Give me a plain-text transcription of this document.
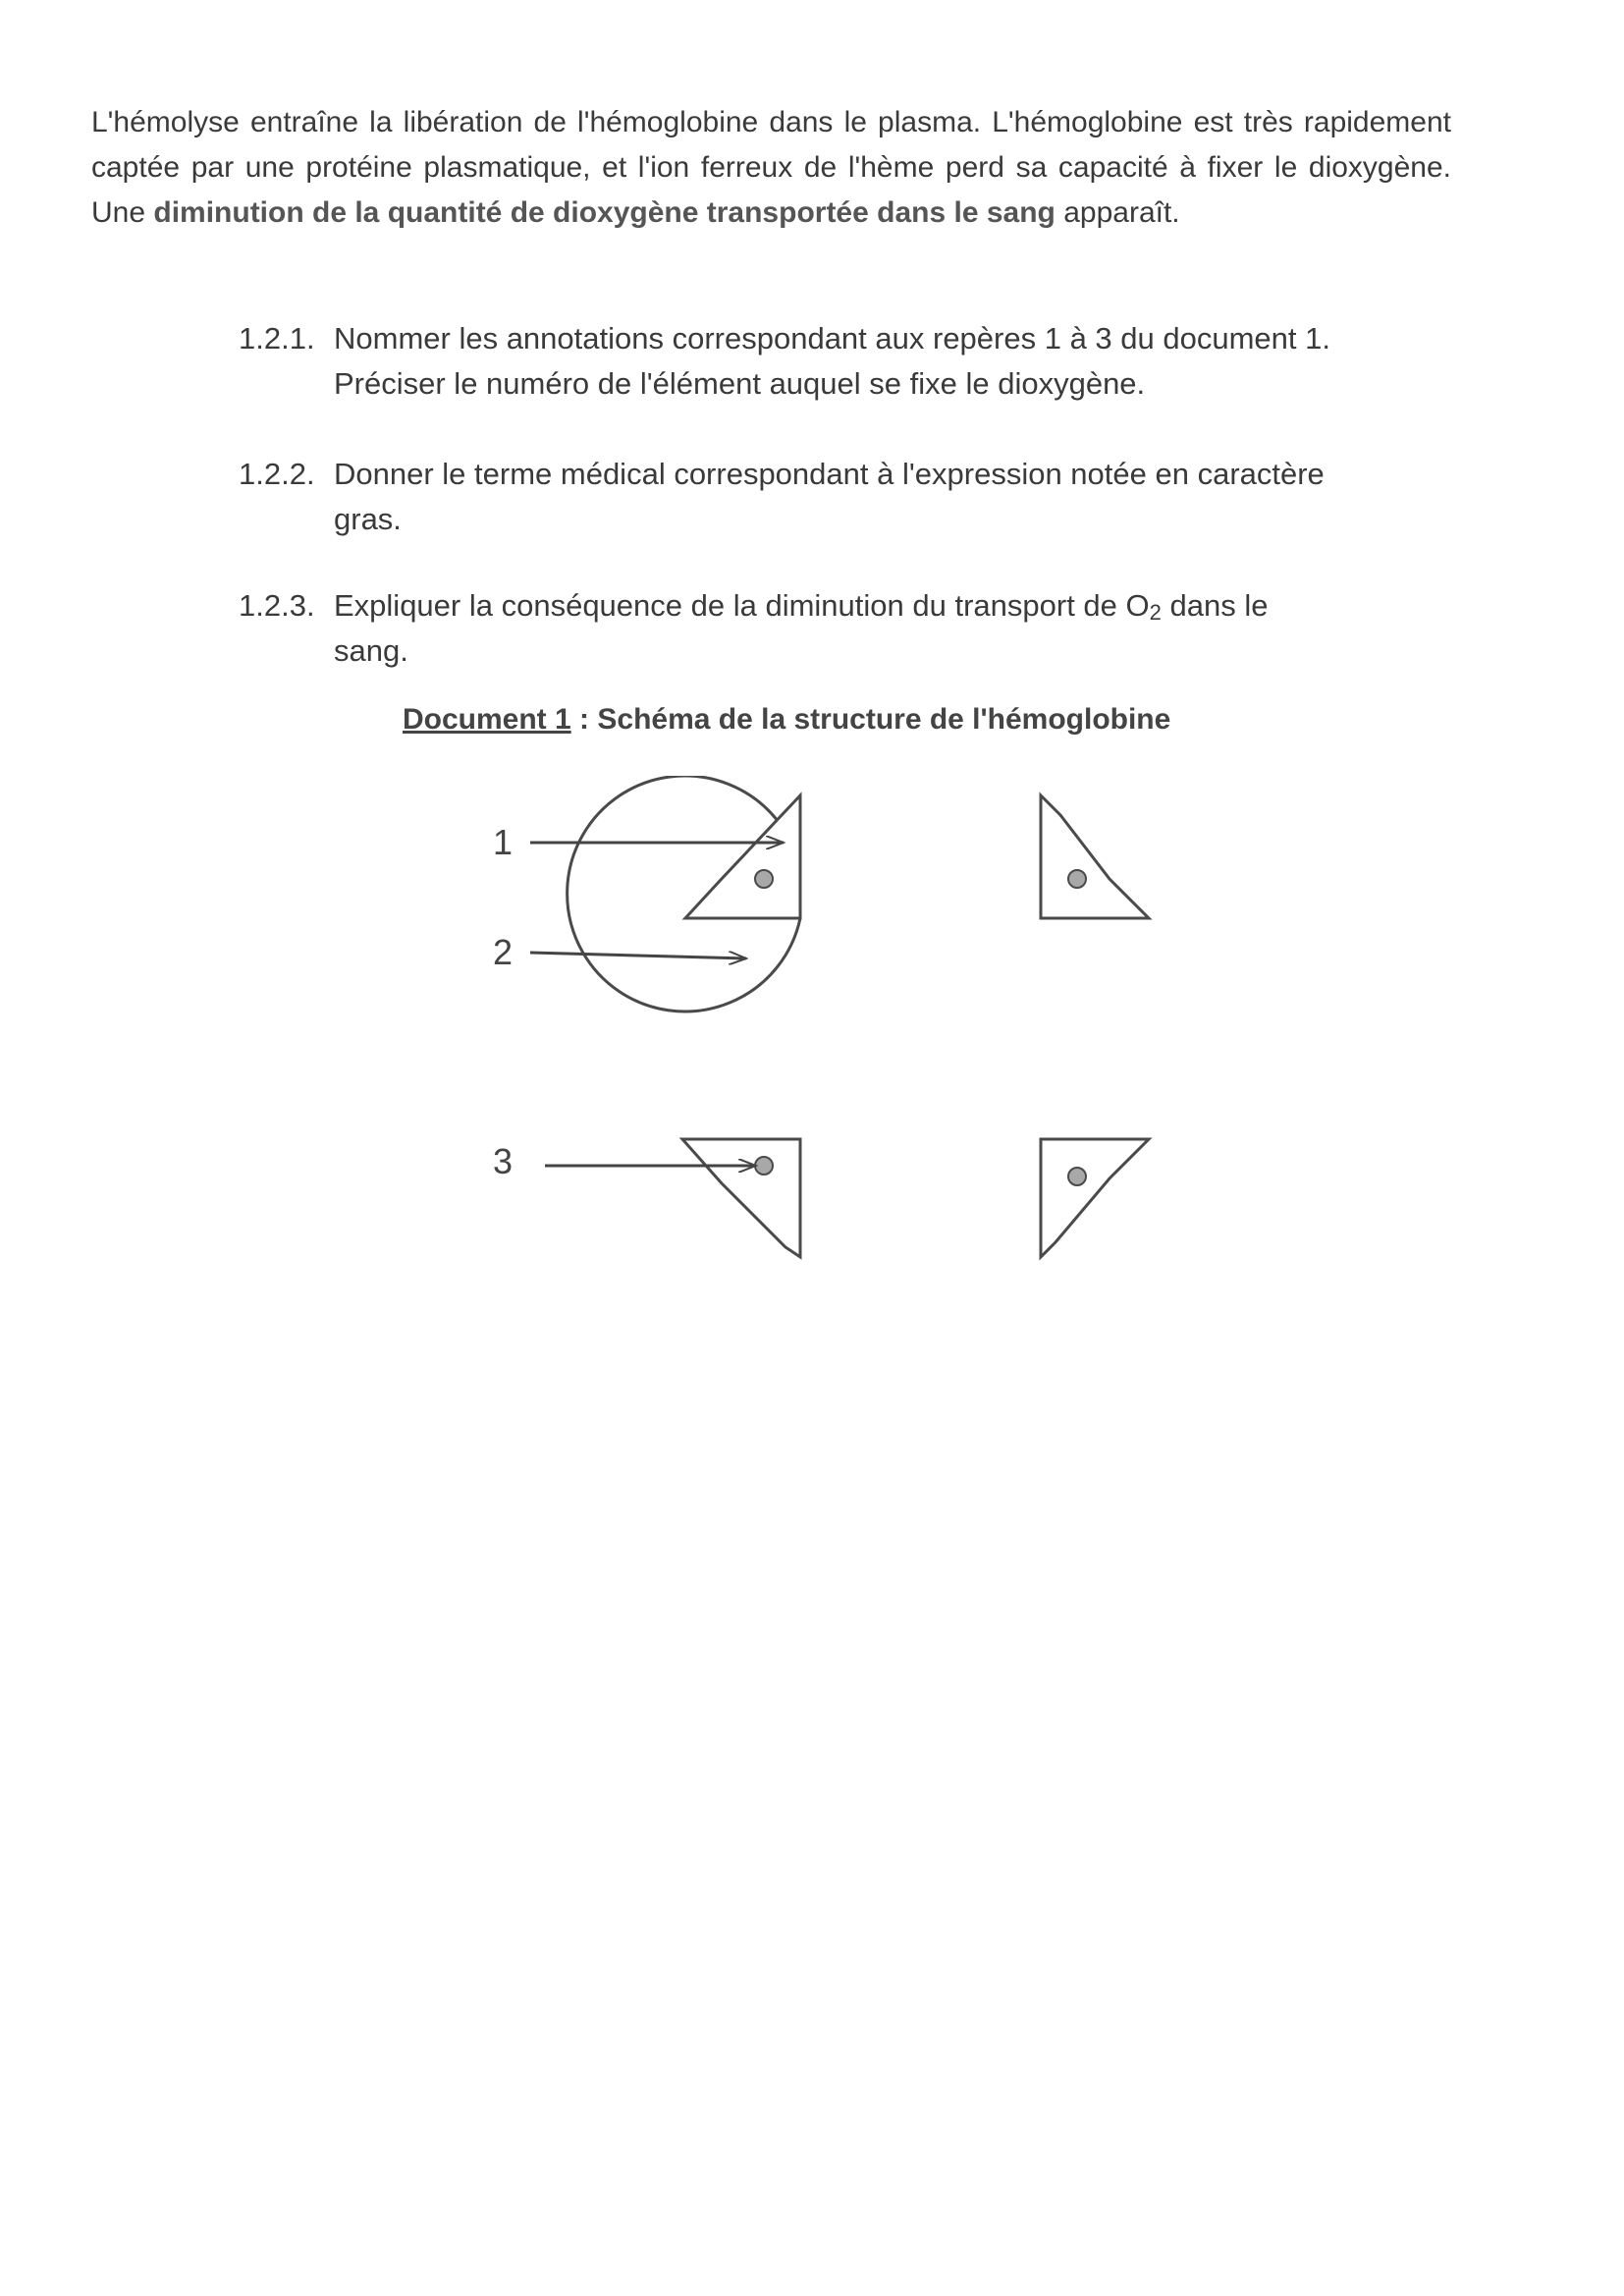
L'hémolyse entraîne la libération de l'hémoglobine dans le plasma. L'hémoglobine est très rapidement captée par une protéine plasmatique, et l'ion ferreux de l'hème perd sa capacité à fixer le dioxygène. Une diminution de la quantité de dioxygène transportée dans le sang apparaît.

1.2.1. Nommer les annotations correspondant aux repères 1 à 3 du document 1.
Préciser le numéro de l'élément auquel se fixe le dioxygène.

1.2.2. Donner le terme médical correspondant à l'expression notée en caractère
gras.

1.2.3. Expliquer la conséquence de la diminution du transport de $O_2$ dans le
sang.

Document 1 : Schéma de la structure de l'hémoglobine

1
2
3
